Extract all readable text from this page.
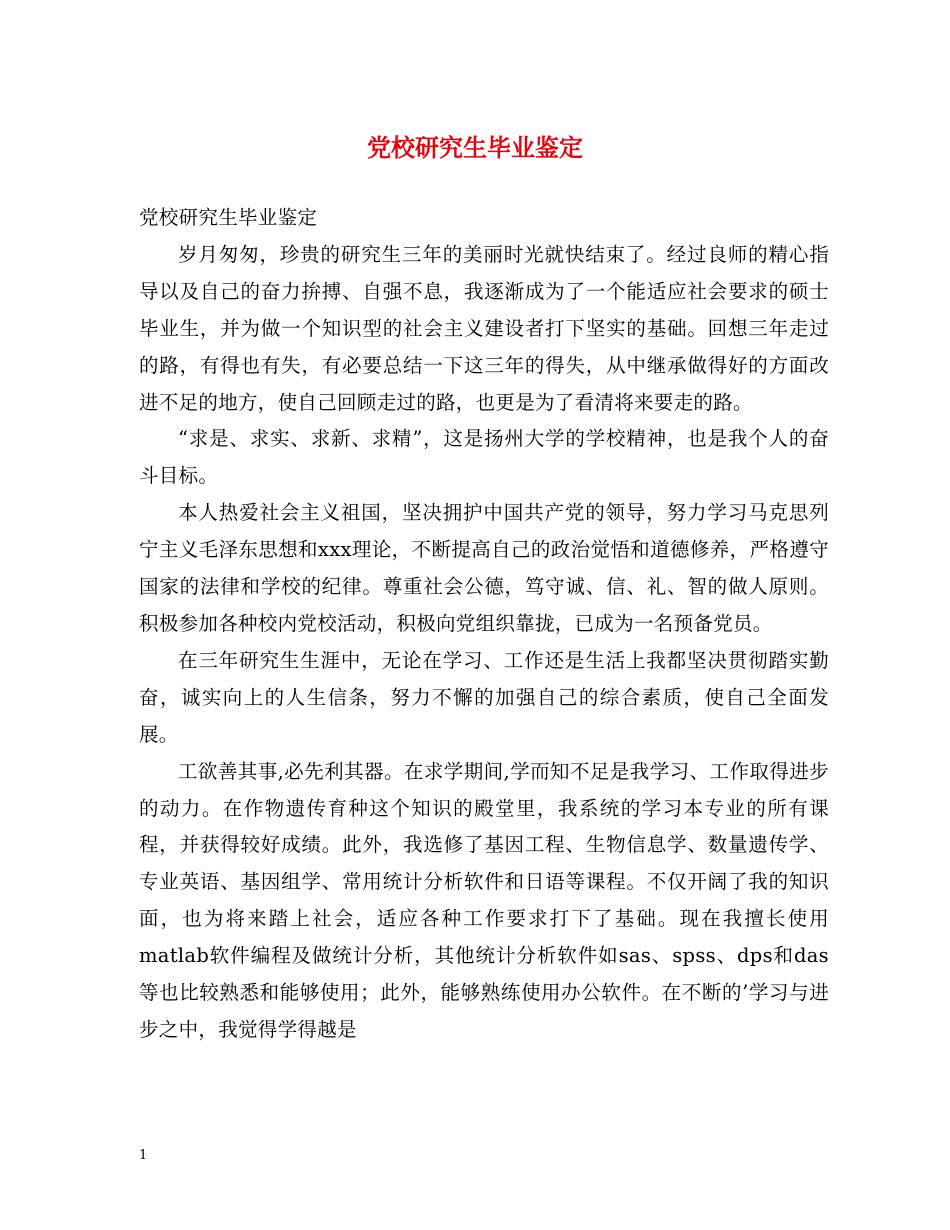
党校研究生毕业鉴定

党校研究生毕业鉴定

岁月匆匆，珍贵的研究生三年的美丽时光就快结束了。经过良师的精心指导以及自己的奋力拚搏、自强不息，我逐渐成为了一个能适应社会要求的硕士毕业生，并为做一个知识型的社会主义建设者打下坚实的基础。回想三年走过的路，有得也有失，有必要总结一下这三年的得失，从中继承做得好的方面改进不足的地方，使自己回顾走过的路，也更是为了看清将来要走的路。

“求是、求实、求新、求精”，这是扬州大学的学校精神，也是我个人的奋斗目标。

本人热爱社会主义祖国，坚决拥护中国共产党的领导，努力学习马克思列宁主义毛泽东思想和xxx理论，不断提高自己的政治觉悟和道德修养，严格遵守国家的法律和学校的纪律。尊重社会公德，笃守诚、信、礼、智的做人原则。积极参加各种校内党校活动，积极向党组织靠拢，已成为一名预备党员。

在三年研究生生涯中，无论在学习、工作还是生活上我都坚决贯彻踏实勤奋，诚实向上的人生信条，努力不懈的加强自己的综合素质，使自己全面发展。

工欲善其事,必先利其器。在求学期间,学而知不足是我学习、工作取得进步的动力。在作物遗传育种这个知识的殿堂里，我系统的学习本专业的所有课程，并获得较好成绩。此外，我选修了基因工程、生物信息学、数量遗传学、专业英语、基因组学、常用统计分析软件和日语等课程。不仅开阔了我的知识面，也为将来踏上社会，适应各种工作要求打下了基础。现在我擅长使用matlab软件编程及做统计分析，其他统计分析软件如sas、spss、dps和das等也比较熟悉和能够使用；此外，能够熟练使用办公软件。在不断的’学习与进步之中，我觉得学得越是

1
